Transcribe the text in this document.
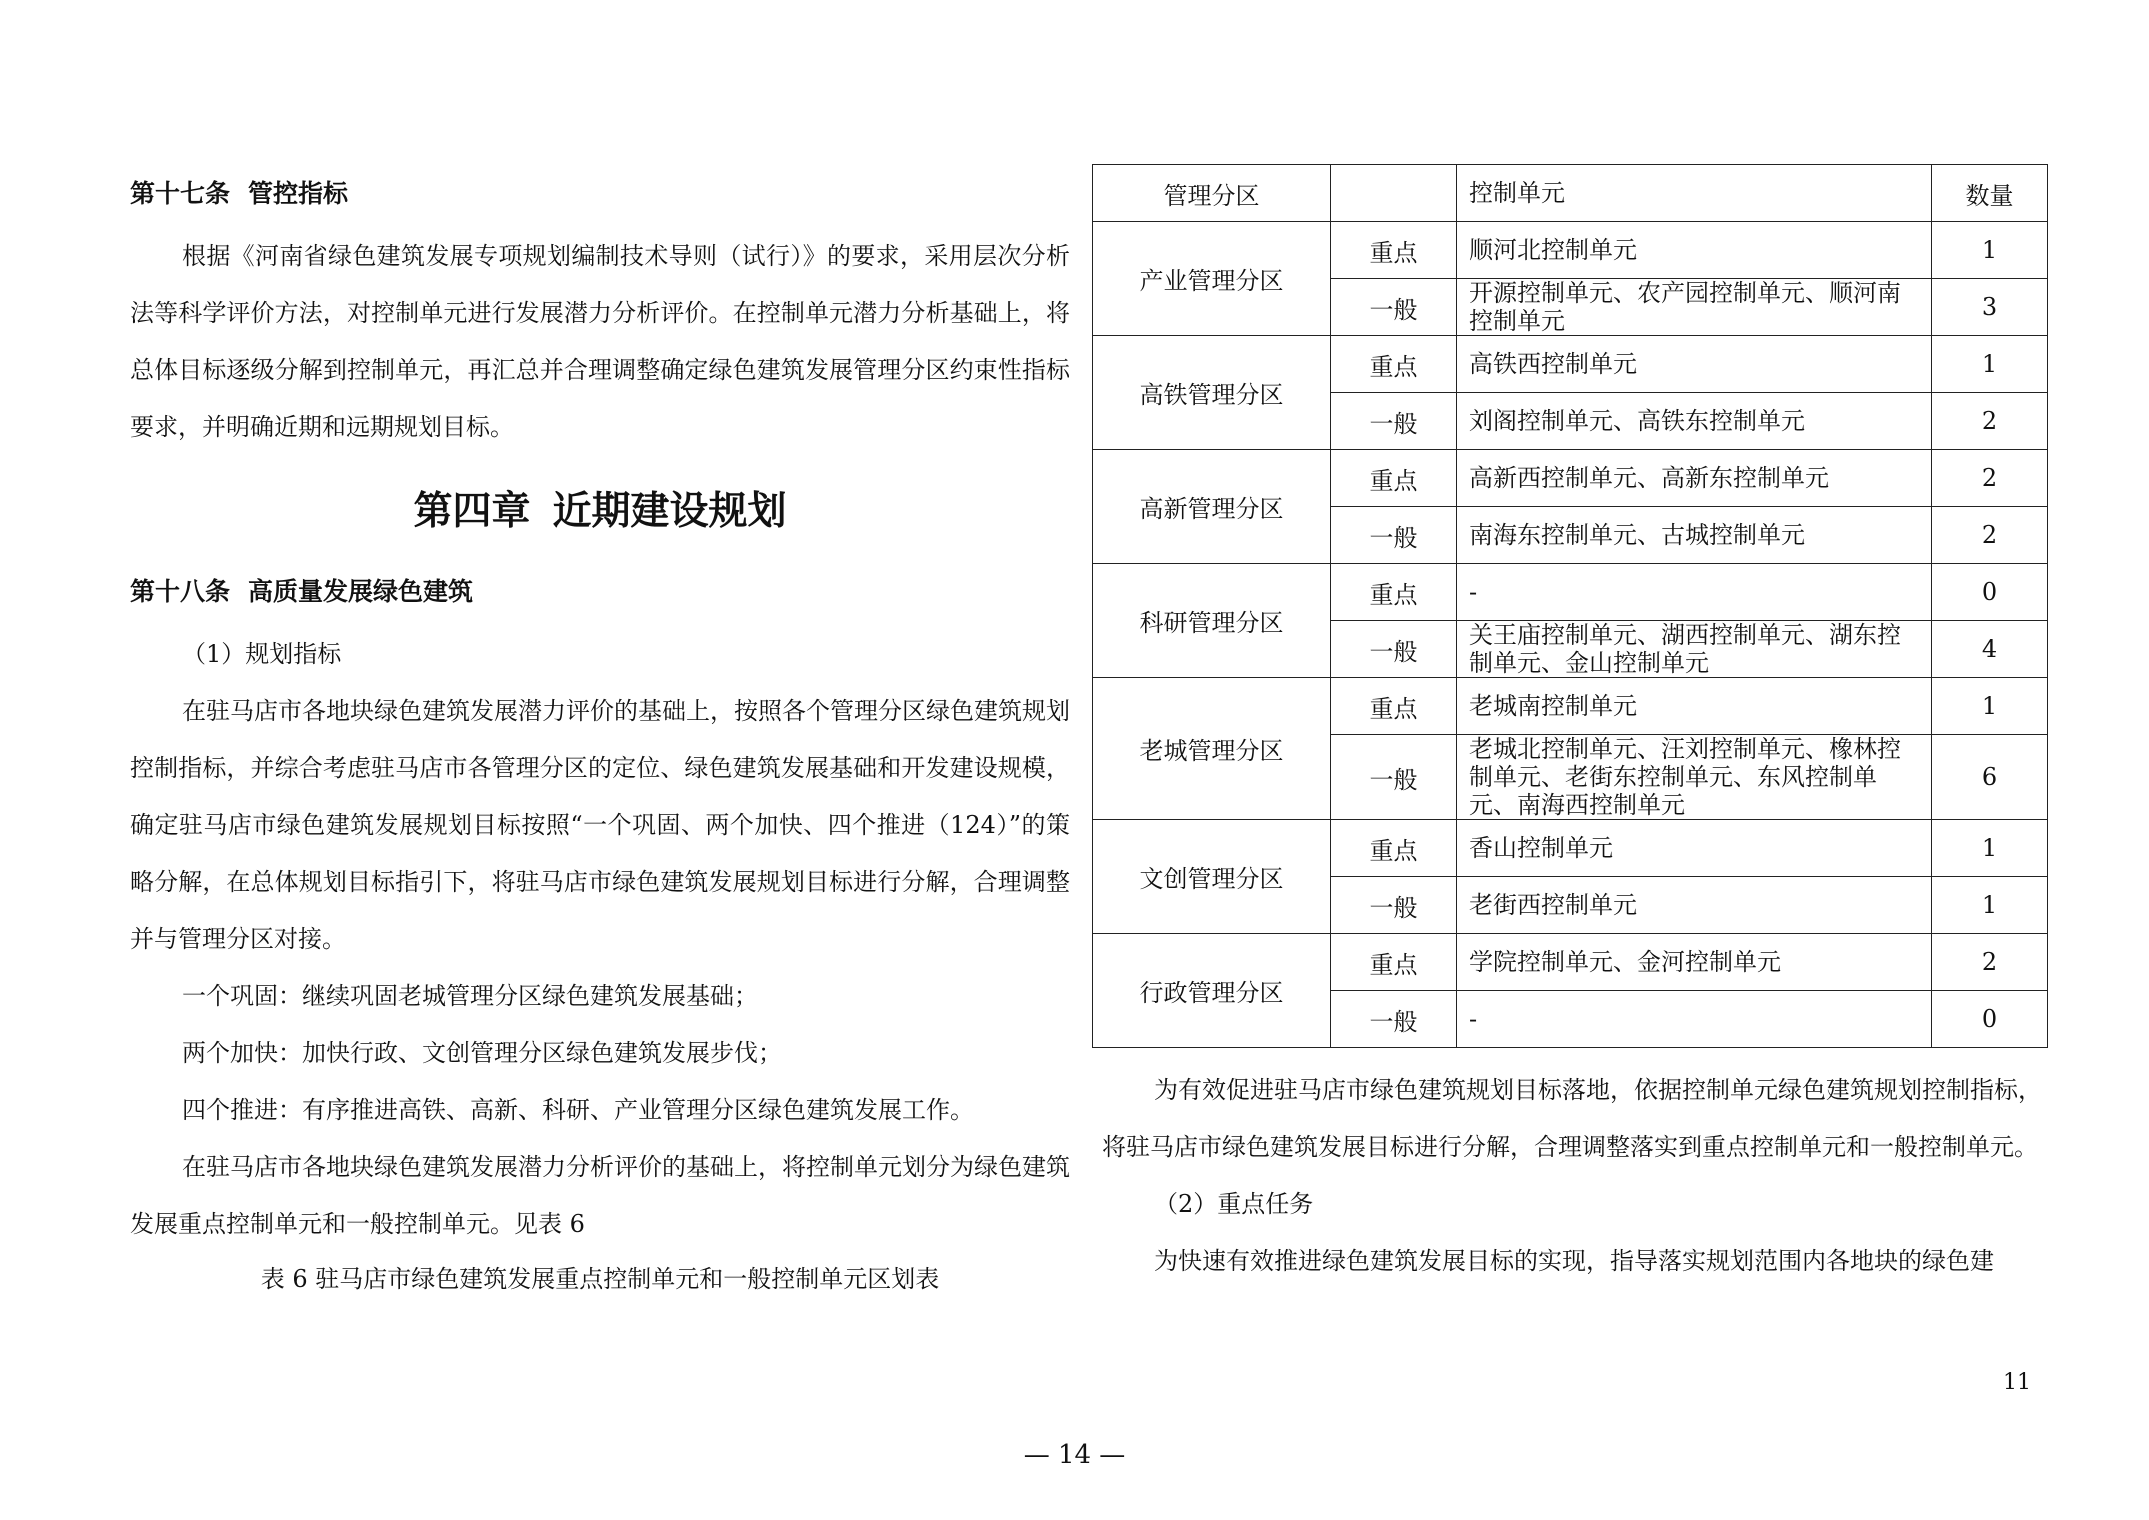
第十七条 管控指标

根据《河南省绿色建筑发展专项规划编制技术导则（试行）》的要求，采用层次分析法等科学评价方法，对控制单元进行发展潜力分析评价。在控制单元潜力分析基础上，将总体目标逐级分解到控制单元，再汇总并合理调整确定绿色建筑发展管理分区约束性指标要求，并明确近期和远期规划目标。

第四章 近期建设规划

第十八条 高质量发展绿色建筑

（1）规划指标

在驻马店市各地块绿色建筑发展潜力评价的基础上，按照各个管理分区绿色建筑规划控制指标，并综合考虑驻马店市各管理分区的定位、绿色建筑发展基础和开发建设规模，确定驻马店市绿色建筑发展规划目标按照“一个巩固、两个加快、四个推进（124）”的策略分解，在总体规划目标指引下，将驻马店市绿色建筑发展规划目标进行分解，合理调整并与管理分区对接。

一个巩固：继续巩固老城管理分区绿色建筑发展基础；

两个加快：加快行政、文创管理分区绿色建筑发展步伐；

四个推进：有序推进高铁、高新、科研、产业管理分区绿色建筑发展工作。

在驻马店市各地块绿色建筑发展潜力分析评价的基础上，将控制单元划分为绿色建筑发展重点控制单元和一般控制单元。见表 6

表 6 驻马店市绿色建筑发展重点控制单元和一般控制单元区划表

管理分区		控制单元	数量
产业管理分区	重点	顺河北控制单元	1
	一般	开源控制单元、农产园控制单元、顺河南控制单元	3
高铁管理分区	重点	高铁西控制单元	1
	一般	刘阁控制单元、高铁东控制单元	2
高新管理分区	重点	高新西控制单元、高新东控制单元	2
	一般	南海东控制单元、古城控制单元	2
科研管理分区	重点	-	0
	一般	关王庙控制单元、湖西控制单元、湖东控制单元、金山控制单元	4
老城管理分区	重点	老城南控制单元	1
	一般	老城北控制单元、汪刘控制单元、橡林控制单元、老街东控制单元、东风控制单元、南海西控制单元	6
文创管理分区	重点	香山控制单元	1
	一般	老街西控制单元	1
行政管理分区	重点	学院控制单元、金河控制单元	2
	一般	-	0

为有效促进驻马店市绿色建筑规划目标落地，依据控制单元绿色建筑规划控制指标，将驻马店市绿色建筑发展目标进行分解，合理调整落实到重点控制单元和一般控制单元。

（2）重点任务

为快速有效推进绿色建筑发展目标的实现，指导落实规划范围内各地块的绿色建

11
— 14 —
